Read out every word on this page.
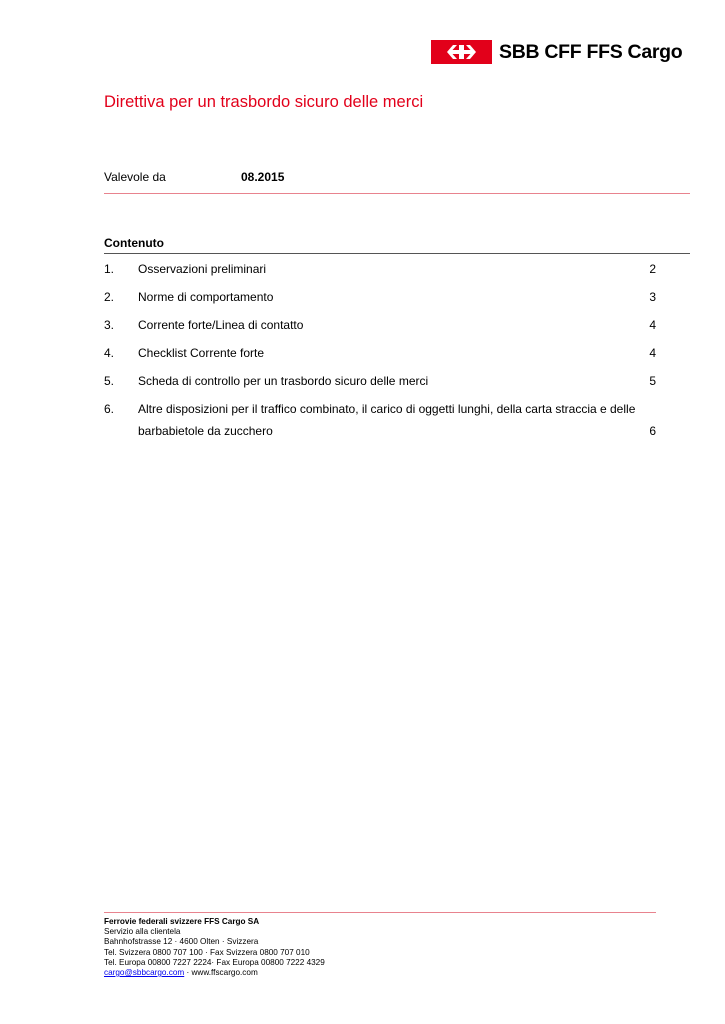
SBB CFF FFS Cargo
Direttiva per un trasbordo sicuro delle merci
Valevole da	08.2015
Contenuto
1. Osservazioni preliminari	2
2. Norme di comportamento	3
3. Corrente forte/Linea di contatto	4
4. Checklist Corrente forte	4
5. Scheda di controllo per un trasbordo sicuro delle merci	5
6. Altre disposizioni per il traffico combinato, il carico di oggetti lunghi, della carta straccia e delle
barbabietole da zucchero	6
Ferrovie federali svizzere FFS Cargo SA
Servizio alla clientela
Bahnhofstrasse 12 · 4600 Olten · Svizzera
Tel. Svizzera 0800 707 100 · Fax Svizzera 0800 707 010
Tel. Europa 00800 7227 2224· Fax Europa 00800 7222 4329
cargo@sbbcargo.com · www.ffscargo.com
